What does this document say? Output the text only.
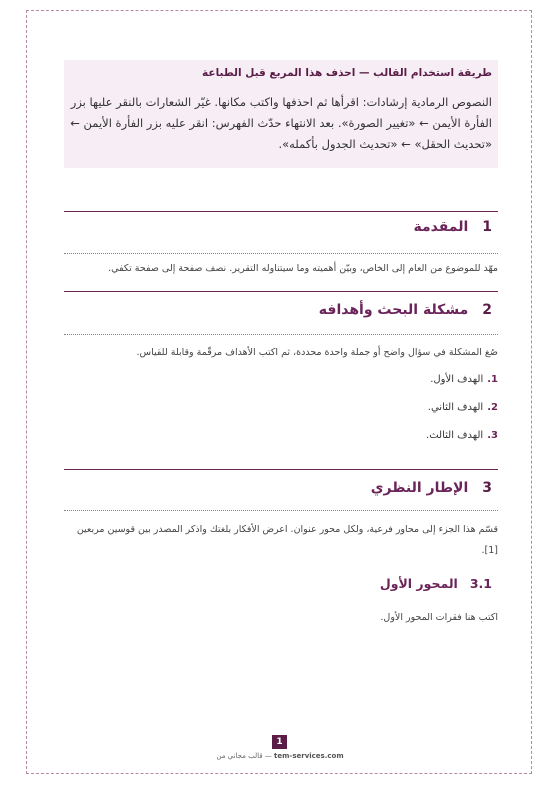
طريقة استخدام القالب — احذف هذا المربع قبل الطباعة
النصوص الرمادية إرشادات: اقرأها ثم احذفها واكتب مكانها. غيّر الشعارات بالنقر عليها بزر الفأرة الأيمن ← «تغيير الصورة». بعد الانتهاء حدّث الفهرس: انقر عليه بزر الفأرة الأيمن ← «تحديث الحقل» ← «تحديث الجدول بأكمله».
1المقدمة
مهّد للموضوع من العام إلى الخاص، وبيّن أهميته وما سيتناوله التقرير. نصف صفحة إلى صفحة تكفي.
2مشكلة البحث وأهدافه
صُغ المشكلة في سؤال واضح أو جملة واحدة محددة، ثم اكتب الأهداف مرقّمة وقابلة للقياس.
1.الهدف الأول.
2.الهدف الثاني.
3.الهدف الثالث.
3الإطار النظري
قسّم هذا الجزء إلى محاور فرعية، ولكل محور عنوان. اعرض الأفكار بلغتك واذكر المصدر بين قوسين مربعين [1].
3.1المحور الأول
اكتب هنا فقرات المحور الأول.
1
قالب مجاني من — tem-services.com
